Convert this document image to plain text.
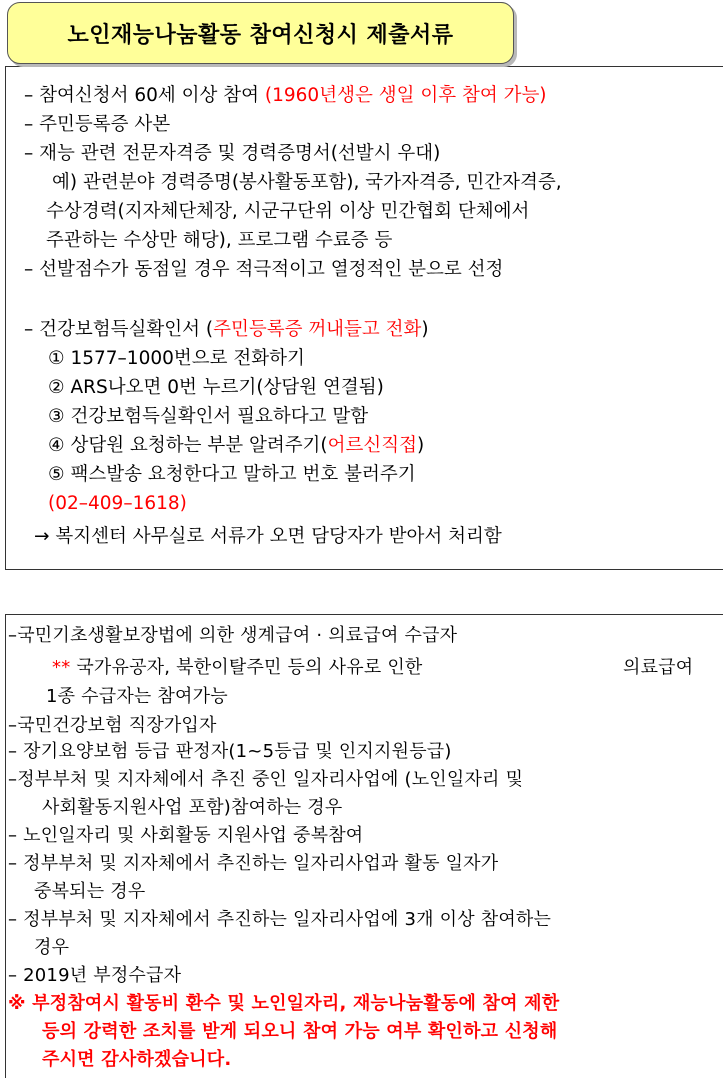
노인재능나눔활동 참여신청시 제출서류
– 참여신청서 60세 이상 참여 (1960년생은 생일 이후 참여 가능)
– 주민등록증 사본
– 재능 관련 전문자격증 및 경력증명서(선발시 우대)
예) 관련분야 경력증명(봉사활동포함), 국가자격증, 민간자격증,
수상경력(지자체단체장, 시군구단위 이상 민간협회 단체에서
주관하는 수상만 해당), 프로그램 수료증 등
– 선발점수가 동점일 경우 적극적이고 열정적인 분으로 선정
– 건강보험득실확인서 (주민등록증 꺼내들고 전화)
① 1577–1000번으로 전화하기
② ARS나오면 0번 누르기(상담원 연결됨)
③ 건강보험득실확인서 필요하다고 말함
④ 상담원 요청하는 부분 알려주기(어르신직접)
⑤ 팩스발송 요청한다고 말하고 번호 불러주기
(02–409–1618)
→ 복지센터 사무실로 서류가 오면 담당자가 받아서 처리함
–국민기초생활보장법에 의한 생계급여 · 의료급여 수급자
** 국가유공자, 북한이탈주민 등의 사유로 인한	의료급여
1종 수급자는 참여가능
–국민건강보험 직장가입자
– 장기요양보험 등급 판정자(1~5등급 및 인지지원등급)
–정부부처 및 지자체에서 추진 중인 일자리사업에 (노인일자리 및
사회활동지원사업 포함)참여하는 경우
– 노인일자리 및 사회활동 지원사업 중복참여
– 정부부처 및 지자체에서 추진하는 일자리사업과 활동 일자가
중복되는 경우
– 정부부처 및 지자체에서 추진하는 일자리사업에 3개 이상 참여하는
경우
– 2019년 부정수급자
※ 부정참여시 활동비 환수 및 노인일자리, 재능나눔활동에 참여 제한
등의 강력한 조치를 받게 되오니 참여 가능 여부 확인하고 신청해
주시면 감사하겠습니다.
